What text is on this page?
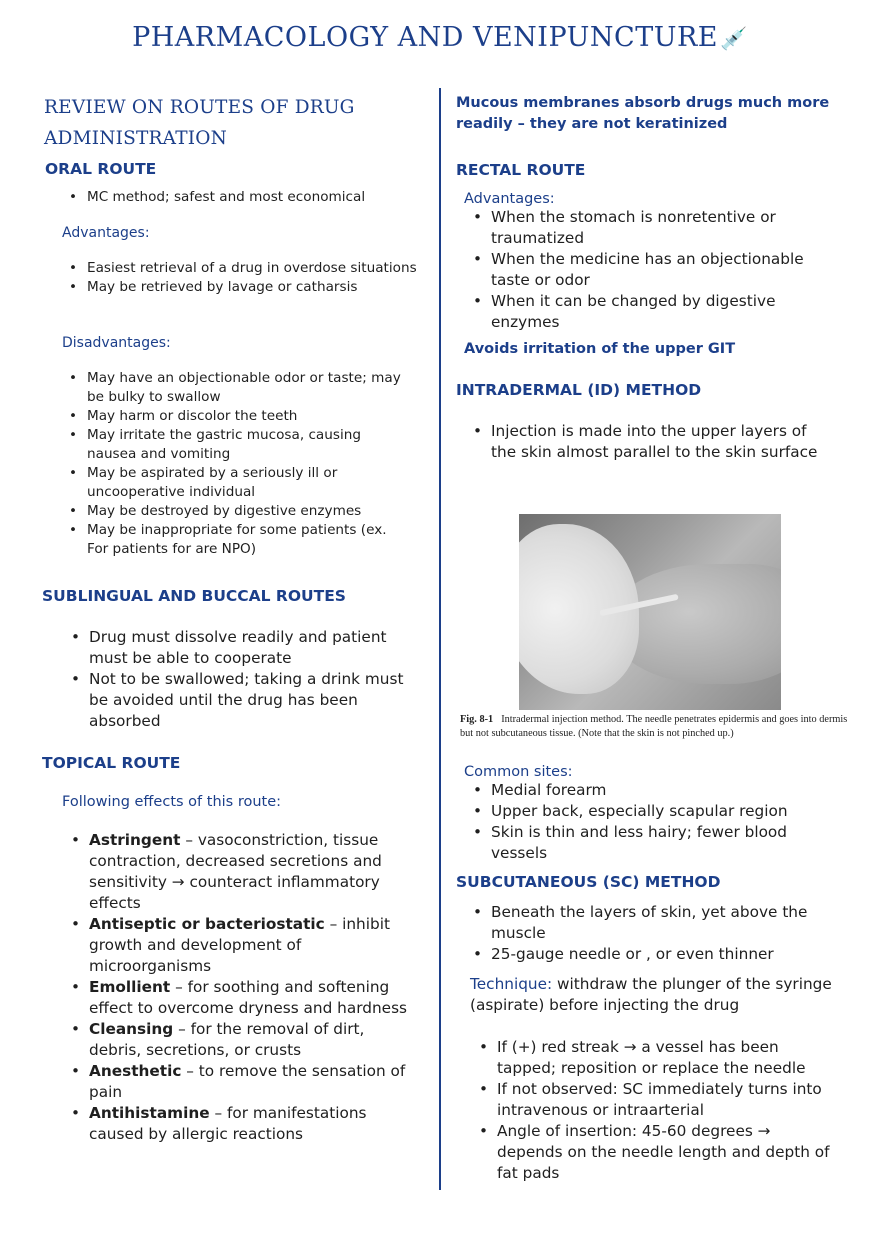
PHARMACOLOGY AND VENIPUNCTURE💉
REVIEW ON ROUTES OF DRUG ADMINISTRATION
ORAL ROUTE
• MC method; safest and most economical
Advantages:
• Easiest retrieval of a drug in overdose situations
• May be retrieved by lavage or catharsis
Disadvantages:
• May have an objectionable odor or taste; may be bulky to swallow
• May harm or discolor the teeth
• May irritate the gastric mucosa, causing nausea and vomiting
• May be aspirated by a seriously ill or uncooperative individual
• May be destroyed by digestive enzymes
• May be inappropriate for some patients (ex. For patients for are NPO)
SUBLINGUAL AND BUCCAL ROUTES
• Drug must dissolve readily and patient must be able to cooperate
• Not to be swallowed; taking a drink must be avoided until the drug has been absorbed
TOPICAL ROUTE
Following effects of this route:
• Astringent – vasoconstriction, tissue contraction, decreased secretions and sensitivity → counteract inflammatory effects
• Antiseptic or bacteriostatic – inhibit growth and development of microorganisms
• Emollient – for soothing and softening effect to overcome dryness and hardness
• Cleansing – for the removal of dirt, debris, secretions, or crusts
• Anesthetic – to remove the sensation of pain
• Antihistamine – for manifestations caused by allergic reactions
Mucous membranes absorb drugs much more readily – they are not keratinized
RECTAL ROUTE
Advantages:
• When the stomach is nonretentive or traumatized
• When the medicine has an objectionable taste or odor
• When it can be changed by digestive enzymes
Avoids irritation of the upper GIT
INTRADERMAL (ID) METHOD
• Injection is made into the upper layers of the skin almost parallel to the skin surface
Fig. 8-1 Intradermal injection method. The needle penetrates epidermis and goes into dermis but not subcutaneous tissue. (Note that the skin is not pinched up.)
Common sites:
• Medial forearm
• Upper back, especially scapular region
• Skin is thin and less hairy; fewer blood vessels
SUBCUTANEOUS (SC) METHOD
• Beneath the layers of skin, yet above the muscle
• 25-gauge needle or , or even thinner
Technique: withdraw the plunger of the syringe (aspirate) before injecting the drug
• If (+) red streak → a vessel has been tapped; reposition or replace the needle
• If not observed: SC immediately turns into intravenous or intraarterial
• Angle of insertion: 45-60 degrees → depends on the needle length and depth of fat pads
